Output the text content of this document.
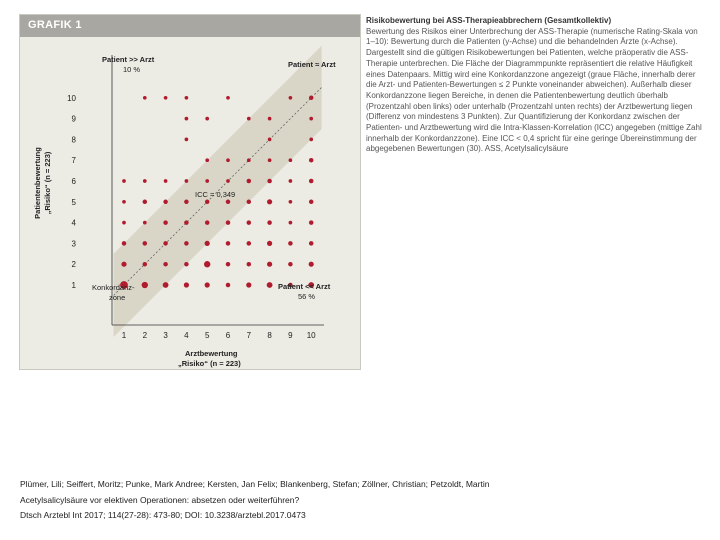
GRAFIK 1
1 2 3 4 5 6 7 8 9 10
1
2
3
4
5
6
7
8
9
10
Patient >> Arzt
10 %
Patient ≈ Arzt
ICC = 0,349
Konkordanz-
zone
Patient << Arzt
56 %
Arztbewertung
„Risiko“ (n = 223)
Patientenbewertung „Risiko“ (n = 223)
Risikobewertung bei ASS-Therapieabbrechern (Gesamtkollektiv)
Bewertung des Risikos einer Unterbrechung der ASS-Therapie (numerische Rating-Skala von 1–10): Bewertung durch die Patienten (y-Achse) und die behandelnden Ärzte (x-Achse). Dargestellt sind die gültigen Risikobewertungen bei Patienten, welche präoperativ die ASS-Therapie unterbrechen. Die Fläche der Diagrammpunkte repräsentiert die relative Häufigkeit eines Datenpaars. Mittig wird eine Konkordanzzone angezeigt (graue Fläche, innerhalb derer die Arzt- und Patienten-Bewertungen ≤ 2 Punkte voneinander abweichen). Außerhalb dieser Konkordanzzone liegen Bereiche, in denen die Patientenbewertung deutlich überhalb (Prozentzahl oben links) oder unterhalb (Prozentzahl unten rechts) der Arztbewertung liegen (Differenz von mindestens 3 Punkten). Zur Quantifizierung der Konkordanz zwischen der Patienten- und Arztbewertung wird die Intra-Klassen-Korrelation (ICC) angegeben (mittige Zahl innerhalb der Konkordanzzone). Eine ICC < 0,4 spricht für eine geringe Übereinstimmung der abgegebenen Bewertungen (30). ASS, Acetylsalicylsäure
Plümer, Lili; Seiffert, Moritz; Punke, Mark Andree; Kersten, Jan Felix; Blankenberg, Stefan; Zöllner, Christian; Petzoldt, Martin
Acetylsalicylsäure vor elektiven Operationen: absetzen oder weiterführen?
Dtsch Arztebl Int 2017; 114(27-28): 473-80; DOI: 10.3238/arztebl.2017.0473
